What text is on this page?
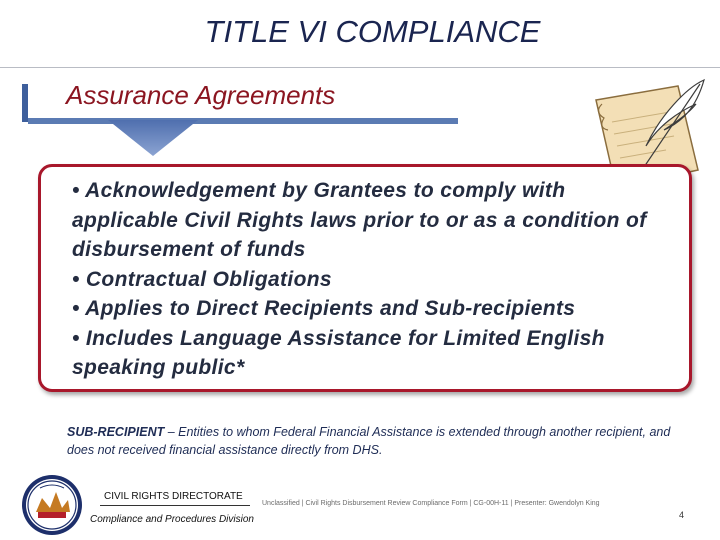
TITLE VI COMPLIANCE
Assurance Agreements
• Acknowledgement by Grantees to comply with applicable Civil Rights laws prior to or as a condition of disbursement of funds
• Contractual Obligations
• Applies to Direct Recipients and Sub-recipients
• Includes Language Assistance for Limited English speaking public*
SUB-RECIPIENT – Entities to whom Federal Financial Assistance is extended through another recipient, and does not received financial assistance directly from DHS.
CIVIL RIGHTS DIRECTORATE
Compliance and Procedures Division
Unclassified | Civil Rights Disbursement Review Compliance Form | CG-00H-11 | Presenter: Gwendolyn King
4
